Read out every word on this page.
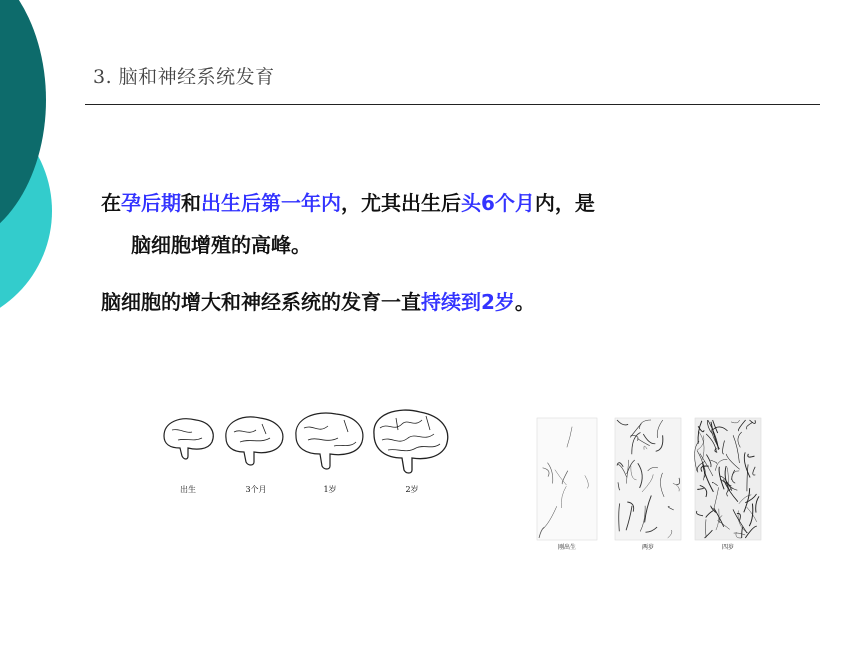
3. 脑和神经系统发育
在孕后期和出生后第一年内，尤其出生后头6个月内，是
脑细胞增殖的高峰。
脑细胞的增大和神经系统的发育一直持续到2岁。
出生	3个月	1岁	2岁
刚出生	两岁	四岁
